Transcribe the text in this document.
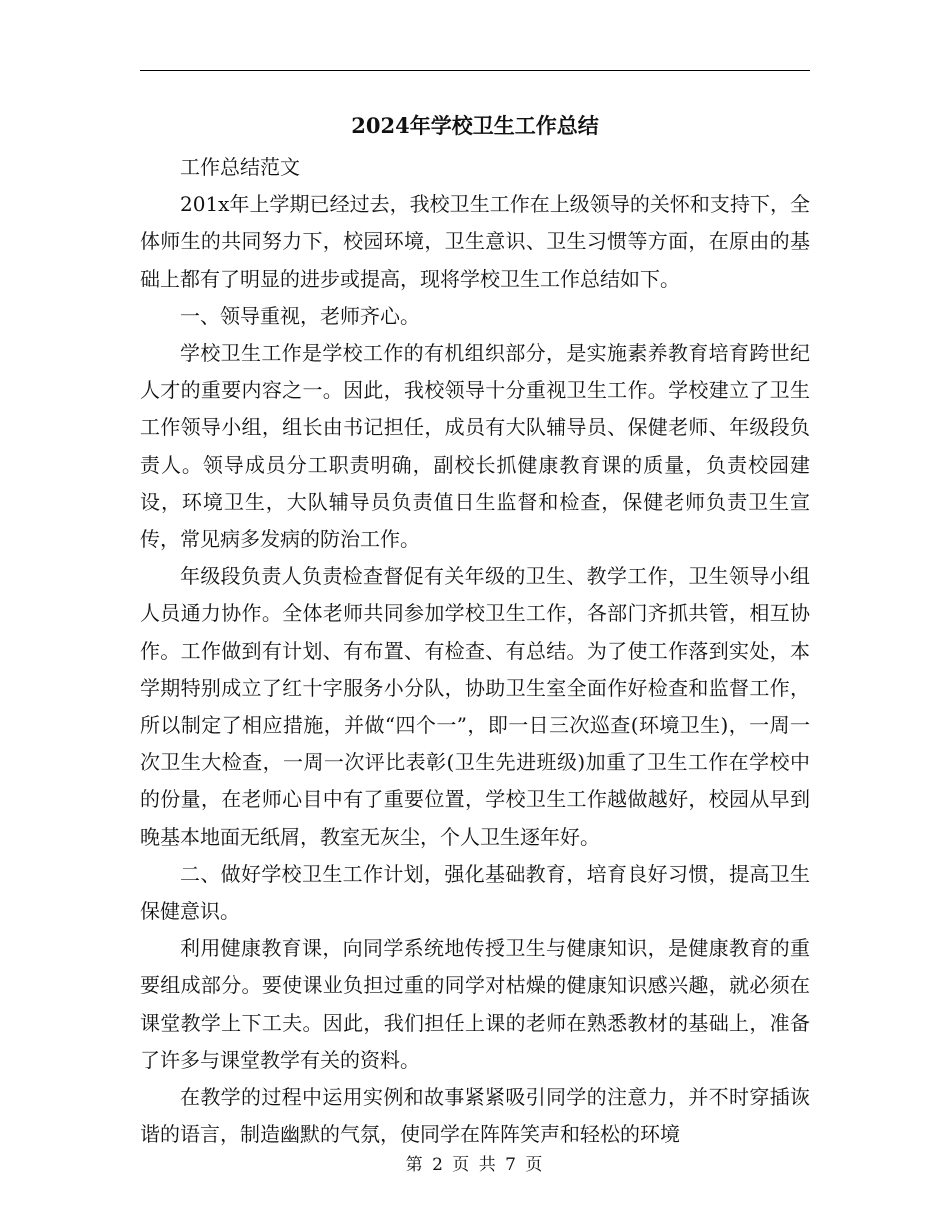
2024年学校卫生工作总结

工作总结范文

201x年上学期已经过去，我校卫生工作在上级领导的关怀和支持下，全体师生的共同努力下，校园环境，卫生意识、卫生习惯等方面，在原由的基础上都有了明显的进步或提高，现将学校卫生工作总结如下。

一、领导重视，老师齐心。

学校卫生工作是学校工作的有机组织部分，是实施素养教育培育跨世纪人才的重要内容之一。因此，我校领导十分重视卫生工作。学校建立了卫生工作领导小组，组长由书记担任，成员有大队辅导员、保健老师、年级段负责人。领导成员分工职责明确，副校长抓健康教育课的质量，负责校园建设，环境卫生，大队辅导员负责值日生监督和检查，保健老师负责卫生宣传，常见病多发病的防治工作。

年级段负责人负责检查督促有关年级的卫生、教学工作，卫生领导小组人员通力协作。全体老师共同参加学校卫生工作，各部门齐抓共管，相互协作。工作做到有计划、有布置、有检查、有总结。为了使工作落到实处，本学期特别成立了红十字服务小分队，协助卫生室全面作好检查和监督工作，所以制定了相应措施，并做“四个一”，即一日三次巡查(环境卫生)，一周一次卫生大检查，一周一次评比表彰(卫生先进班级)加重了卫生工作在学校中的份量，在老师心目中有了重要位置，学校卫生工作越做越好，校园从早到晚基本地面无纸屑，教室无灰尘，个人卫生逐年好。

二、做好学校卫生工作计划，强化基础教育，培育良好习惯，提高卫生保健意识。

利用健康教育课，向同学系统地传授卫生与健康知识，是健康教育的重要组成部分。要使课业负担过重的同学对枯燥的健康知识感兴趣，就必须在课堂教学上下工夫。因此，我们担任上课的老师在熟悉教材的基础上，准备了许多与课堂教学有关的资料。

在教学的过程中运用实例和故事紧紧吸引同学的注意力，并不时穿插诙谐的语言，制造幽默的气氛，使同学在阵阵笑声和轻松的环境

第 2 页 共 7 页
